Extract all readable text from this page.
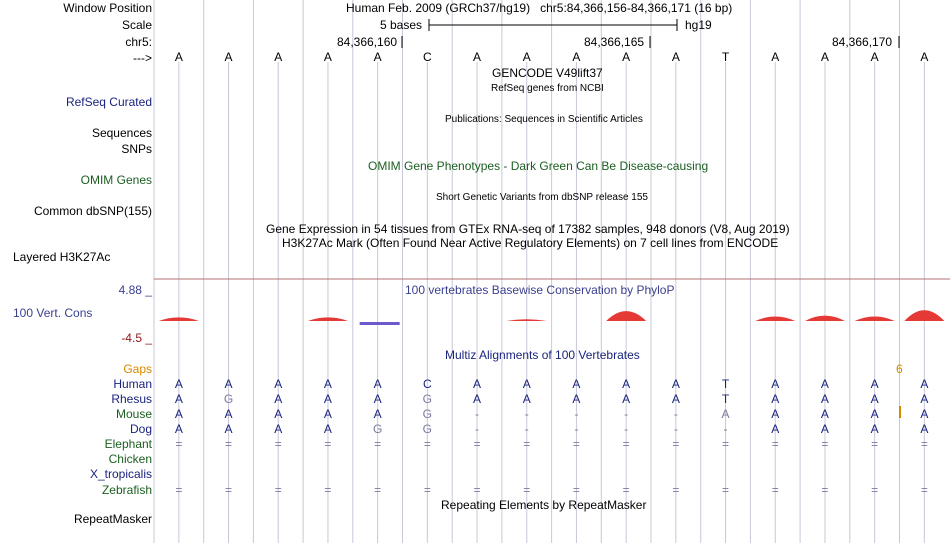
Window Position	Human Feb. 2009 (GRCh37/hg19)   chr5:84,366,156-84,366,171 (16 bp)
Scale	5 bases	hg19
chr5:	84,366,160	84,366,165	84,366,170
---> A	A	A	A	A	C	A	A	A	A	A	T	A	A	A	A
GENCODE V49lift37
RefSeq genes from NCBI
RefSeq Curated
Publications: Sequences in Scientific Articles
Sequences
SNPs
OMIM Gene Phenotypes - Dark Green Can Be Disease-causing
OMIM Genes
Short Genetic Variants from dbSNP release 155
Common dbSNP(155)
Gene Expression in 54 tissues from GTEx RNA-seq of 17382 samples, 948 donors (V8, Aug 2019)
H3K27Ac Mark (Often Found Near Active Regulatory Elements) on 7 cell lines from ENCODE
Layered H3K27Ac
4.88 _	100 vertebrates Basewise Conservation by PhyloP
100 Vert. Cons
-4.5 _
Multiz Alignments of 100 Vertebrates
Gaps	6
Human A	A	A	A	A	C	A	A	A	A	A	T	A	A	A	A
Rhesus A	G	A	A	A	G	A	A	A	A	A	T	A	A	A	A
Mouse A	A	A	A	A	G	-	-	-	-	-	A	A	A	A	A
Dog A	A	A	A	G	G	-	-	-	-	-	-	A	A	A	A
Elephant =	=	=	=	=	=	=	=	=	=	=	=	=	=	=	=
Chicken
X_tropicalis
Zebrafish =	=	=	=	=	=	=	=	=	=	=	=	=	=	=	=
Repeating Elements by RepeatMasker
RepeatMasker
